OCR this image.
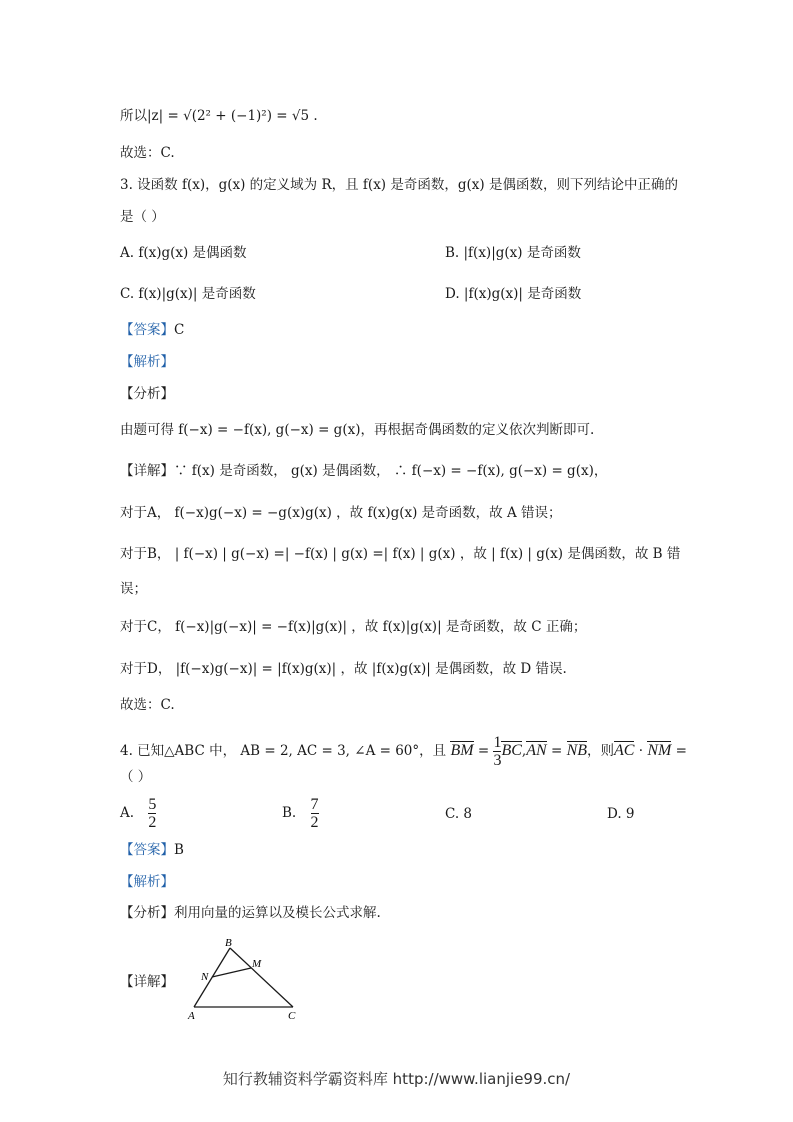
所以|z| = √(2² + (−1)²) = √5 .
故选：C.
3. 设函数 f(x)，g(x) 的定义域为 R，且 f(x) 是奇函数，g(x) 是偶函数，则下列结论中正确的
是（ ）
A. f(x)g(x) 是偶函数	B. |f(x)|g(x) 是奇函数
C. f(x)|g(x)| 是奇函数	D. |f(x)g(x)| 是奇函数
【答案】C
【解析】
【分析】
由题可得 f(−x) = −f(x), g(−x) = g(x)，再根据奇偶函数的定义依次判断即可.
【详解】∵ f(x) 是奇函数， g(x) 是偶函数， ∴ f(−x) = −f(x), g(−x) = g(x)，
对于A， f(−x)g(−x) = −g(x)g(x) ，故 f(x)g(x) 是奇函数，故 A 错误；
对于B， | f(−x) | g(−x) =| −f(x) | g(x) =| f(x) | g(x) ，故 | f(x) | g(x) 是偶函数，故 B 错
误；
对于C， f(−x)|g(−x)| = −f(x)|g(x)| ，故 f(x)|g(x)| 是奇函数，故 C 正确；
对于D， |f(−x)g(−x)| = |f(x)g(x)| ，故 |f(x)g(x)| 是偶函数，故 D 错误.
故选：C.
4. 已知△ABC 中， AB = 2, AC = 3, ∠A = 60°，且 BM = $\frac{1}{3} BC,AN$ = NB，则AC · NM =
（ ）
A. $\frac{5}{2}$	B. $\frac{7}{2}$	C. 8	D. 9
【答案】B
【解析】
【分析】利用向量的运算以及模长公式求解.
【详解】
B
M
N
A	C
知行教辅资料学霸资料库 http://www.lianjie99.cn/
